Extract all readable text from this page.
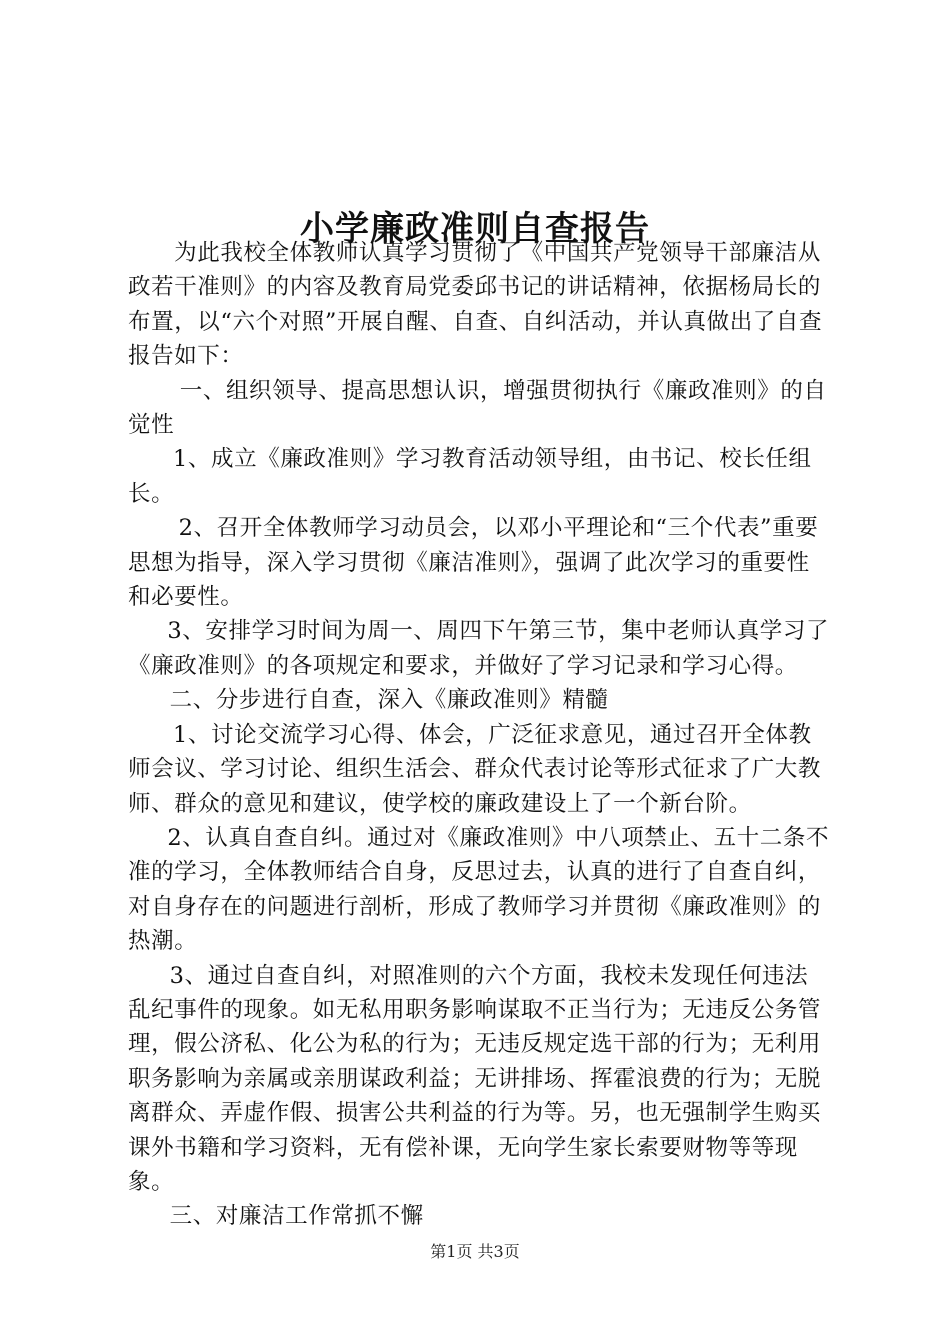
小学廉政准则自查报告

为此我校全体教师认真学习贯彻了《中国共产党领导干部廉洁从政若干准则》的内容及教育局党委邱书记的讲话精神，依据杨局长的布置，以“六个对照”开展自醒、自查、自纠活动，并认真做出了自查报告如下：

一、组织领导、提高思想认识，增强贯彻执行《廉政准则》的自觉性

1、成立《廉政准则》学习教育活动领导组，由书记、校长任组长。

2、召开全体教师学习动员会，以邓小平理论和“三个代表”重要思想为指导，深入学习贯彻《廉洁准则》，强调了此次学习的重要性和必要性。

3、安排学习时间为周一、周四下午第三节，集中老师认真学习了《廉政准则》的各项规定和要求，并做好了学习记录和学习心得。

二、分步进行自查，深入《廉政准则》精髓

1、讨论交流学习心得、体会，广泛征求意见，通过召开全体教师会议、学习讨论、组织生活会、群众代表讨论等形式征求了广大教师、群众的意见和建议，使学校的廉政建设上了一个新台阶。

2、认真自查自纠。通过对《廉政准则》中八项禁止、五十二条不准的学习，全体教师结合自身，反思过去，认真的进行了自查自纠，对自身存在的问题进行剖析，形成了教师学习并贯彻《廉政准则》的热潮。

3、通过自查自纠，对照准则的六个方面，我校未发现任何违法乱纪事件的现象。如无私用职务影响谋取不正当行为；无违反公务管理，假公济私、化公为私的行为；无违反规定选干部的行为；无利用职务影响为亲属或亲朋谋政利益；无讲排场、挥霍浪费的行为；无脱离群众、弄虚作假、损害公共利益的行为等。另，也无强制学生购买课外书籍和学习资料，无有偿补课，无向学生家长索要财物等等现象。

三、对廉洁工作常抓不懈

第1页 共3页
